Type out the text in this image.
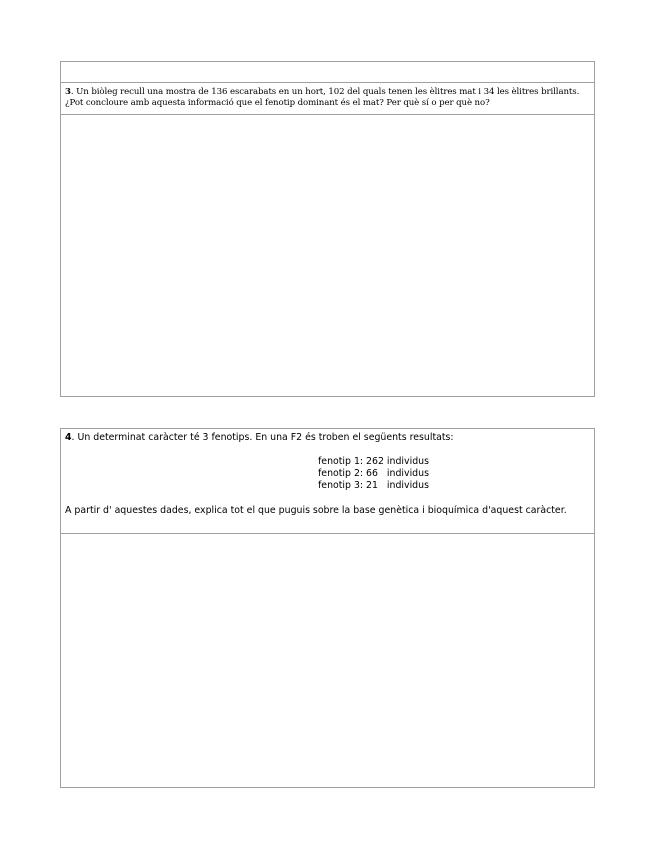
3. Un biòleg recull una mostra de 136 escarabats en un hort, 102 del quals tenen les èlitres mat i 34 les èlitres brillants. ¿Pot concloure amb aquesta informació que el fenotip dominant és el mat? Per què sí o per què no?
4. Un determinat caràcter té 3 fenotips. En una F2 és troben el següents resultats:
fenotip 1: 262 individus
fenotip 2: 66   individus
fenotip 3: 21   individus
A partir d' aquestes dades, explica tot el que puguis sobre la base genètica i bioquímica d'aquest caràcter.
